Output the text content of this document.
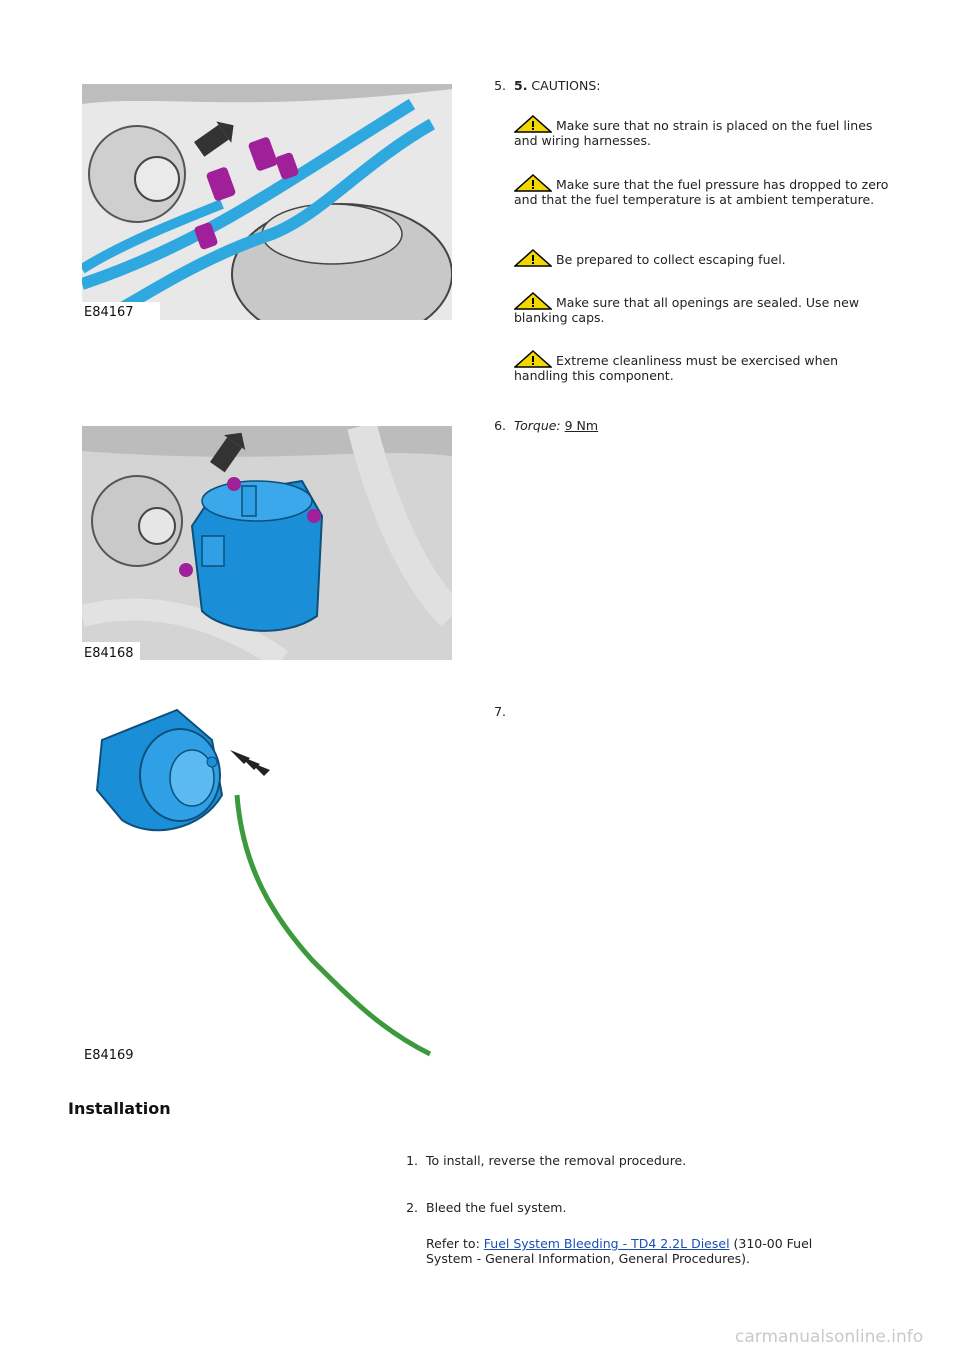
E84167
5. 5. CAUTIONS:
Make sure that no strain is placed on the fuel lines and wiring harnesses.
Make sure that the fuel pressure has dropped to zero and that the fuel temperature is at ambient temperature.
Be prepared to collect escaping fuel.
Make sure that all openings are sealed. Use new blanking caps.
Extreme cleanliness must be exercised when handling this component.
E84168
6. Torque: 9 Nm
E84169
7.
Installation
1. To install, reverse the removal procedure.
2. Bleed the fuel system.
Refer to: Fuel System Bleeding - TD4 2.2L Diesel (310-00 Fuel
System - General Information, General Procedures).
carmanualsonline.info
